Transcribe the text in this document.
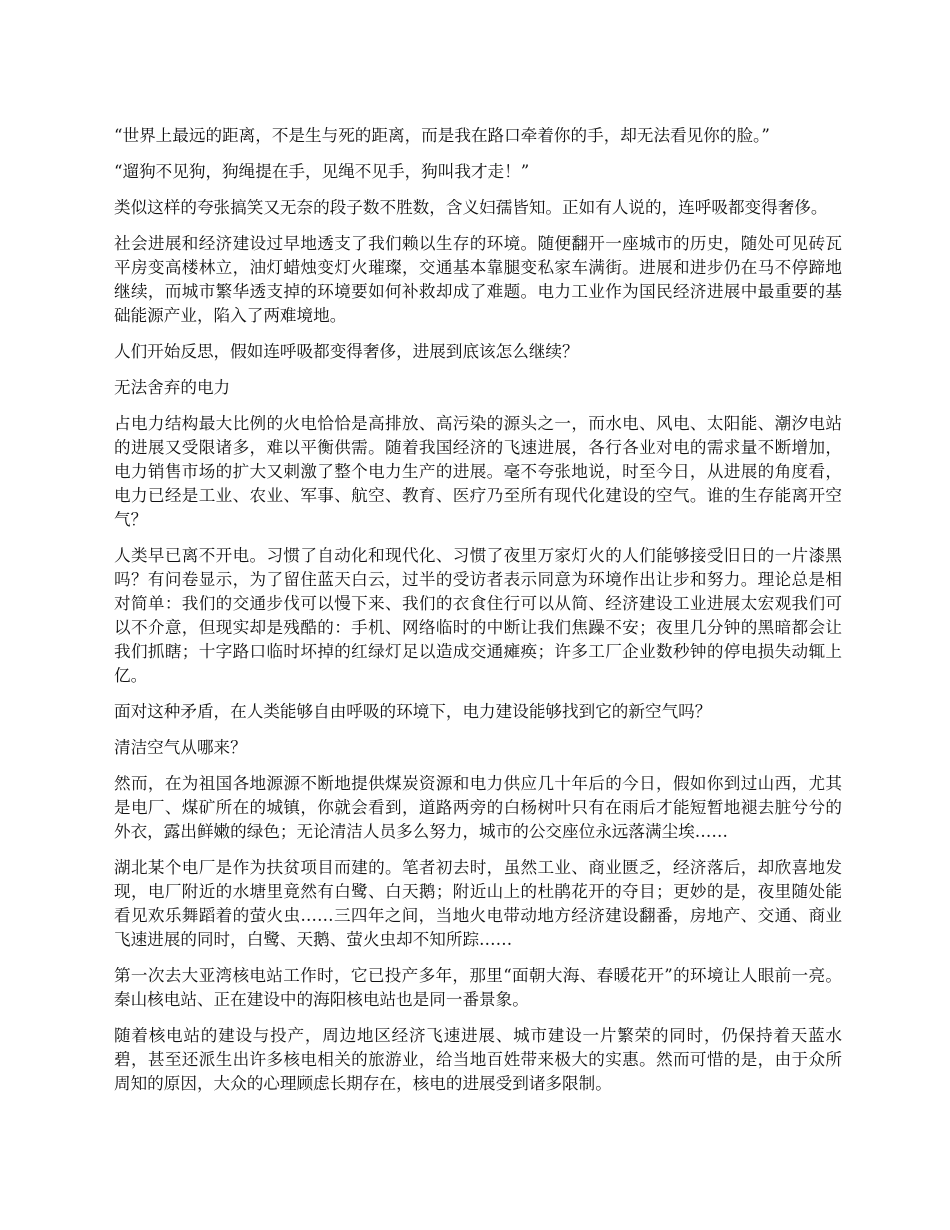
“世界上最远的距离，不是生与死的距离，而是我在路口牵着你的手，却无法看见你的脸。”

“遛狗不见狗，狗绳提在手，见绳不见手，狗叫我才走！”

类似这样的夸张搞笑又无奈的段子数不胜数，含义妇孺皆知。正如有人说的，连呼吸都变得奢侈。

社会进展和经济建设过早地透支了我们赖以生存的环境。随便翻开一座城市的历史，随处可见砖瓦平房变高楼林立，油灯蜡烛变灯火璀璨，交通基本靠腿变私家车满街。进展和进步仍在马不停蹄地继续，而城市繁华透支掉的环境要如何补救却成了难题。电力工业作为国民经济进展中最重要的基础能源产业，陷入了两难境地。

人们开始反思，假如连呼吸都变得奢侈，进展到底该怎么继续？

无法舍弃的电力

占电力结构最大比例的火电恰恰是高排放、高污染的源头之一，而水电、风电、太阳能、潮汐电站的进展又受限诸多，难以平衡供需。随着我国经济的飞速进展，各行各业对电的需求量不断增加，电力销售市场的扩大又刺激了整个电力生产的进展。毫不夸张地说，时至今日，从进展的角度看，电力已经是工业、农业、军事、航空、教育、医疗乃至所有现代化建设的空气。谁的生存能离开空气？

人类早已离不开电。习惯了自动化和现代化、习惯了夜里万家灯火的人们能够接受旧日的一片漆黑吗？有问卷显示，为了留住蓝天白云，过半的受访者表示同意为环境作出让步和努力。理论总是相对简单：我们的交通步伐可以慢下来、我们的衣食住行可以从简、经济建设工业进展太宏观我们可以不介意，但现实却是残酷的：手机、网络临时的中断让我们焦躁不安；夜里几分钟的黑暗都会让我们抓瞎；十字路口临时坏掉的红绿灯足以造成交通瘫痪；许多工厂企业数秒钟的停电损失动辄上亿。

面对这种矛盾，在人类能够自由呼吸的环境下，电力建设能够找到它的新空气吗？

清洁空气从哪来？

然而，在为祖国各地源源不断地提供煤炭资源和电力供应几十年后的今日，假如你到过山西，尤其是电厂、煤矿所在的城镇，你就会看到，道路两旁的白杨树叶只有在雨后才能短暂地褪去脏兮兮的外衣，露出鲜嫩的绿色；无论清洁人员多么努力，城市的公交座位永远落满尘埃……

湖北某个电厂是作为扶贫项目而建的。笔者初去时，虽然工业、商业匮乏，经济落后，却欣喜地发现，电厂附近的水塘里竟然有白鹭、白天鹅；附近山上的杜鹃花开的夺目；更妙的是，夜里随处能看见欢乐舞蹈着的萤火虫……三四年之间，当地火电带动地方经济建设翻番，房地产、交通、商业飞速进展的同时，白鹭、天鹅、萤火虫却不知所踪……

第一次去大亚湾核电站工作时，它已投产多年，那里“面朝大海、春暖花开”的环境让人眼前一亮。秦山核电站、正在建设中的海阳核电站也是同一番景象。

随着核电站的建设与投产，周边地区经济飞速进展、城市建设一片繁荣的同时，仍保持着天蓝水碧，甚至还派生出许多核电相关的旅游业，给当地百姓带来极大的实惠。然而可惜的是，由于众所周知的原因，大众的心理顾虑长期存在，核电的进展受到诸多限制。
